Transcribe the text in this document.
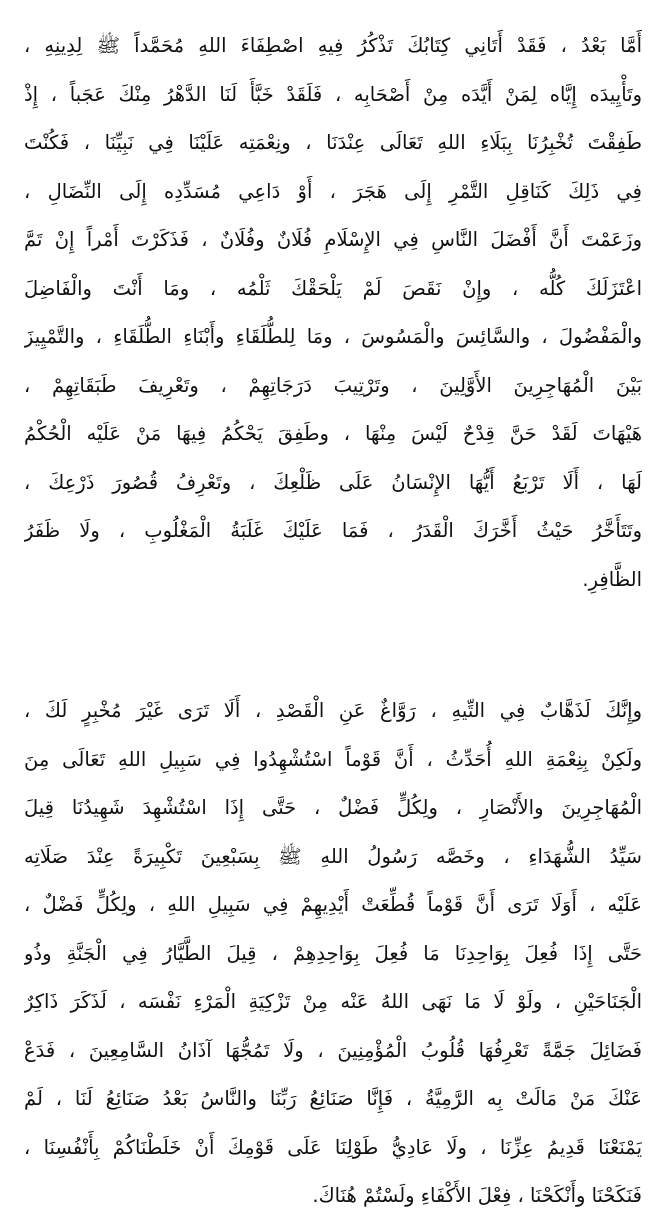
أَمَّا بَعْدُ ، فَقَدْ أَتَانِي كِتَابُكَ تَذْكُرُ فِيهِ اصْطِفَاءَ اللهِ مُحَمَّداً ﷺ لِدِينِهِ ،
وتَأْيِيدَه إِيَّاه لِمَنْ أَيَّدَه مِنْ أَصْحَابِه ، فَلَقَدْ خَبَّأَ لَنَا الدَّهْرُ مِنْكَ عَجَباً ، إِذْ
طَفِقْتَ تُخْبِرُنَا بِبَلَاءِ اللهِ تَعَالَى عِنْدَنَا ، ونِعْمَتِه عَلَيْنَا فِي نَبِيِّنَا ، فَكُنْتَ
فِي ذَلِكَ كَنَاقِلِ التَّمْرِ إِلَى هَجَرَ ، أَوْ دَاعِي مُسَدِّدِه إِلَى النِّضَالِ ،
وزَعَمْتَ أَنَّ أَفْضَلَ النَّاسِ فِي الإِسْلَامِ فُلَانٌ وفُلَانٌ ، فَذَكَرْتَ أَمْراً إِنْ تَمَّ
اعْتَزَلَكَ كُلُّه ، وإِنْ نَقَصَ لَمْ يَلْحَقْكَ ثَلْمُه ، ومَا أَنْتَ والْفَاضِلَ
والْمَفْضُولَ ، والسَّائِسَ والْمَسُوسَ ، ومَا لِلطُّلَقَاءِ وأَبْنَاءِ الطُّلَقَاءِ ، والتَّمْيِيزَ
بَيْنَ الْمُهَاجِرِينَ الأَوَّلِينَ ، وتَرْتِيبَ دَرَجَاتِهِمْ ، وتَعْرِيفَ طَبَقَاتِهِمْ ،
هَيْهَاتَ لَقَدْ حَنَّ قِدْحٌ لَيْسَ مِنْهَا ، وطَفِقَ يَحْكُمُ فِيهَا مَنْ عَلَيْه الْحُكْمُ
لَهَا ، أَلَا تَرْبَعُ أَيُّهَا الإِنْسَانُ عَلَى ظَلْعِكَ ، وتَعْرِفُ قُصُورَ ذَرْعِكَ ،
وتَتَأَخَّرُ حَيْثُ أَخَّرَكَ الْقَدَرُ ، فَمَا عَلَيْكَ غَلَبَةُ الْمَغْلُوبِ ، ولَا ظَفَرُ
الظَّافِرِ.
وإِنَّكَ لَذَهَّابٌ فِي التِّيهِ ، رَوَّاغٌ عَنِ الْقَصْدِ ، أَلَا تَرَى غَيْرَ مُخْبِرٍ لَكَ ،
ولَكِنْ بِنِعْمَةِ اللهِ أُحَدِّثُ ، أَنَّ قَوْماً اسْتُشْهِدُوا فِي سَبِيلِ اللهِ تَعَالَى مِنَ
الْمُهَاجِرِينَ والأَنْصَارِ ، ولِكُلٍّ فَضْلٌ ، حَتَّى إِذَا اسْتُشْهِدَ شَهِيدُنَا قِيلَ
سَيِّدُ الشُّهَدَاءِ ، وخَصَّه رَسُولُ اللهِ ﷺ بِسَبْعِينَ تَكْبِيرَةً عِنْدَ صَلَاتِه
عَلَيْه ، أَوَلَا تَرَى أَنَّ قَوْماً قُطِّعَتْ أَيْدِيهِمْ فِي سَبِيلِ اللهِ ، ولِكُلٍّ فَضْلٌ ،
حَتَّى إِذَا فُعِلَ بِوَاحِدِنَا مَا فُعِلَ بِوَاحِدِهِمْ ، قِيلَ الطَّيَّارُ فِي الْجَنَّةِ وذُو
الْجَنَاحَيْنِ ، ولَوْ لَا مَا نَهَى اللهُ عَنْه مِنْ تَزْكِيَةِ الْمَرْءِ نَفْسَه ، لَذَكَرَ ذَاكِرٌ
فَضَائِلَ جَمَّةً تَعْرِفُهَا قُلُوبُ الْمُؤْمِنِينَ ، ولَا تَمُجُّهَا آذَانُ السَّامِعِينَ ، فَدَعْ
عَنْكَ مَنْ مَالَتْ بِه الرَّمِيَّةُ ، فَإِنَّا صَنَائِعُ رَبِّنَا والنَّاسُ بَعْدُ صَنَائِعُ لَنَا ، لَمْ
يَمْنَعْنَا قَدِيمُ عِزِّنَا ، ولَا عَادِيُّ طَوْلِنَا عَلَى قَوْمِكَ أَنْ خَلَطْنَاكُمْ بِأَنْفُسِنَا ،
فَنَكَحْنَا وأَنْكَحْنَا ، فِعْلَ الأَكْفَاءِ ولَسْتُمْ هُنَاكَ.
